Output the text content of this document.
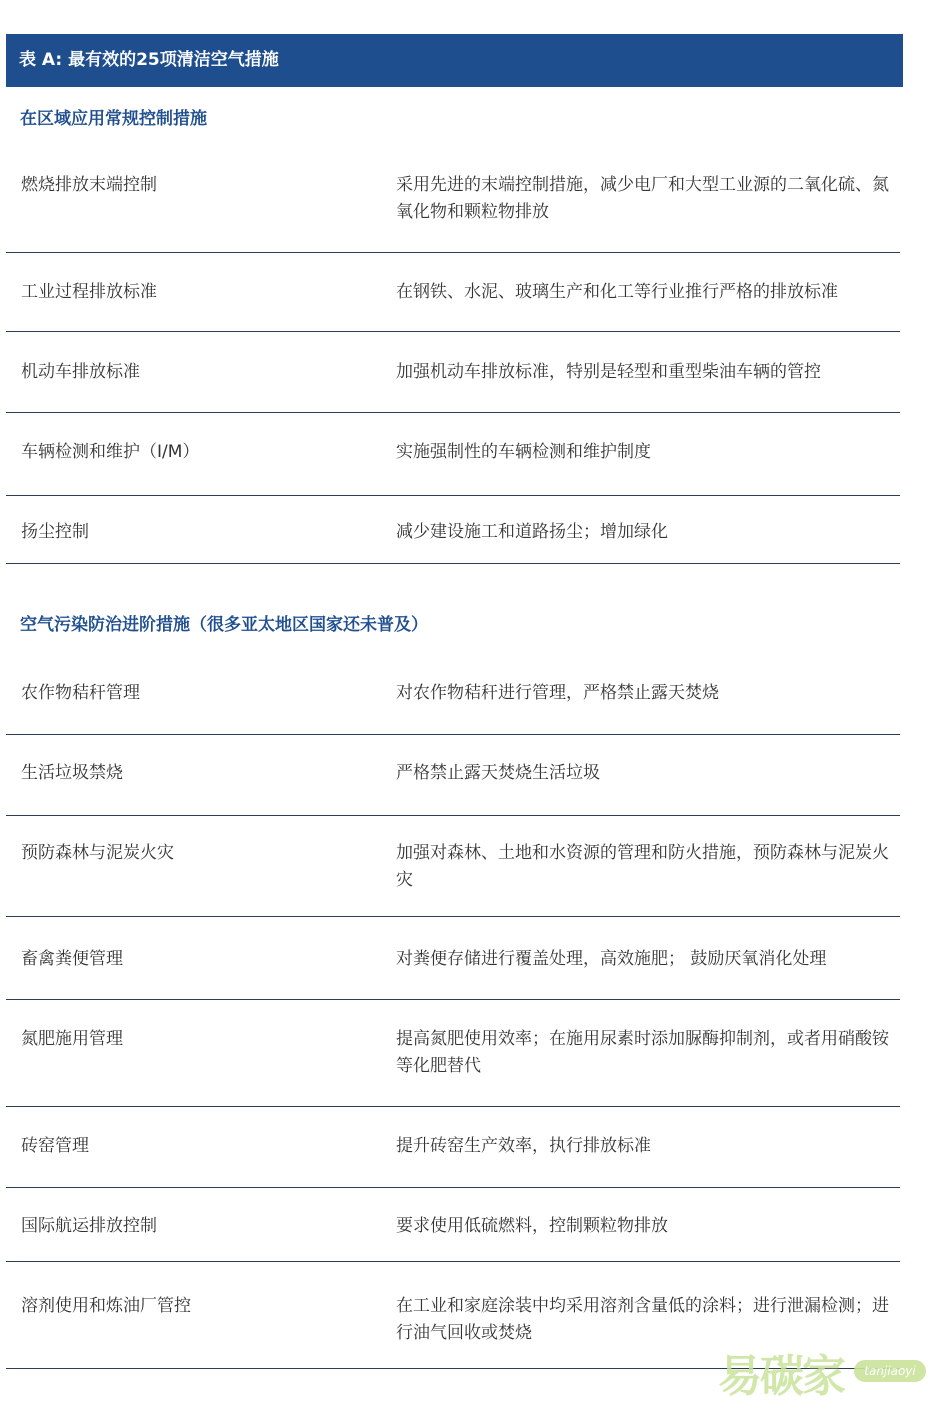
表 A: 最有效的25项清洁空气措施
在区域应用常规控制措施
燃烧排放末端控制	采用先进的末端控制措施，减少电厂和大型工业源的二氧化硫、氮氧化物和颗粒物排放
工业过程排放标准	在钢铁、水泥、玻璃生产和化工等行业推行严格的排放标准
机动车排放标准	加强机动车排放标准，特别是轻型和重型柴油车辆的管控
车辆检测和维护（I/M）	实施强制性的车辆检测和维护制度
扬尘控制	减少建设施工和道路扬尘；增加绿化
空气污染防治进阶措施（很多亚太地区国家还未普及）
农作物秸秆管理	对农作物秸秆进行管理，严格禁止露天焚烧
生活垃圾禁烧	严格禁止露天焚烧生活垃圾
预防森林与泥炭火灾	加强对森林、土地和水资源的管理和防火措施，预防森林与泥炭火灾
畜禽粪便管理	对粪便存储进行覆盖处理，高效施肥； 鼓励厌氧消化处理
氮肥施用管理	提高氮肥使用效率；在施用尿素时添加脲酶抑制剂，或者用硝酸铵等化肥替代
砖窑管理	提升砖窑生产效率，执行排放标准
国际航运排放控制	要求使用低硫燃料，控制颗粒物排放
溶剂使用和炼油厂管控	在工业和家庭涂装中均采用溶剂含量低的涂料；进行泄漏检测；进行油气回收或焚烧
易碳家	tanjiaoyi
